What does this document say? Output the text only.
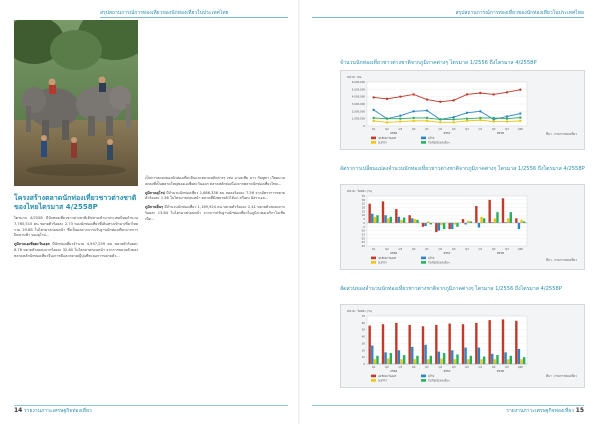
สรุปสถานการณ์การท่องเที่ยวของนักท่องเที่ยวในประเทศไทย
โครงสร้างตลาดนักท่องเที่ยวชาวต่างชาติ ของไทยไตรมาส 4/2558P

ไตรมาส 4/2558 มีนักท่องเที่ยวชาวต่างชาติเดินทางเข้ามาประเทศไทยจำนวน 7,765,515 คน ขยายตัวร้อยละ 2.73 ของนักท่องเที่ยวที่เดินทางเข้ามาเที่ยวไทยรวม 29.88 ในไตรมาสก่อนหน้า ซึ่งเป็นผลจากการปรับฐานนักท่องเที่ยวจากการปิดน่านฟ้า ของยุโรป...

ภูมิภาคเอเชียตะวันออก มีนักท่องเที่ยวจำนวน 4,947,259 คน ขยายตัวร้อยละ 6.76 ขยายตัวลดลงจากร้อยละ 32.60 ในไตรมาสก่อนหน้า จากการขยายตัวของตลาดหลักนักท่องเที่ยวจีนเกาหลีและตลาดญี่ปุ่นที่ชะลอการขยายตัว...

เป็นการลดลงของนักท่องเที่ยวจีนและตลาดหลักต่างๆ เช่น มาเลเซีย ลาว กัมพูชา เวียดนาม ลดลงที่เป็นตลาดใหญ่ของเอเชียตะวันออก ตลาดหลักต่อเนื่องจากตลาดนักท่องเที่ยวไทย...

ภูมิภาคยุโรป มีจำนวนนักท่องเที่ยว 1,686,336 คน ลดลงร้อยละ 7.56 จากอัตราการขยายตัวร้อยละ 1.36 ในไตรมาสก่อนหน้า ตลาดที่ยังขยายตัวได้แก่ สวีเดน อิสราเอล...

ภูมิภาคอื่นๆ มีจำนวนนักท่องเที่ยว 1,169,924 คน ขยายตัวร้อยละ 2.41 ขยายตัวลดลงจากร้อยละ 13.64 ในไตรมาสก่อนหน้า จากการปรับฐานนักท่องเที่ยวในภูมิภาคอเมริกาโอเชียเนีย...

14 รายงานภาวะเศรษฐกิจท่องเที่ยว
สรุปสถานการณ์การท่องเที่ยวของนักท่องเที่ยวในประเทศไทย
จำนวนนักท่องเที่ยวชาวต่างชาติจากภูมิภาคต่างๆ ไตรมาส 1/2556 ถึงไตรมาส 4/2558P
หน่วย : คน
ที่มา : กรมการท่องเที่ยว
6,000,000
5,000,000
4,000,000
3,000,000
2,000,000
1,000,000
0
Q1	Q2	Q3	Q4	Q1	Q2	Q3	Q4	Q1	Q2	Q3	Q4P
2556	2557	2558
เอเชียตะวันออก	ยุโรป
อเมริกา	โอเชียเนียและอื่นๆ
อัตราการเปลี่ยนแปลงจำนวนนักท่องเที่ยวชาวต่างชาติจากภูมิภาคต่างๆ ไตรมาส 1/2556 ถึงไตรมาส 4/2558P
หน่วย : ร้อยละ (%)
ที่มา : กรมการท่องเที่ยว
35
30
25
20
15
10
5
0
-5
-10
-15
-20
-25
-30
Q1	Q2	Q3	Q4	Q1	Q2	Q3	Q4	Q1	Q2	Q3	Q4P
2556	2557	2558
เอเชียตะวันออก	ยุโรป
อเมริกา	โอเชียเนียและอื่นๆ
สัดส่วนของจำนวนนักท่องเที่ยวชาวต่างชาติจากภูมิภาคต่างๆ ไตรมาส 1/2556 ถึงไตรมาส 4/2558P
หน่วย : ร้อยละ (%)
ที่มา : กรมการท่องเที่ยว
70
60
50
40
30
20
10
0
Q1	Q2	Q3	Q4	Q1	Q2	Q3	Q4	Q1	Q2	Q3	Q4P
2556	2557	2558
เอเชียตะวันออก	ยุโรป
อเมริกา	โอเชียเนียและอื่นๆ
รายงานภาวะเศรษฐกิจท่องเที่ยว 15
